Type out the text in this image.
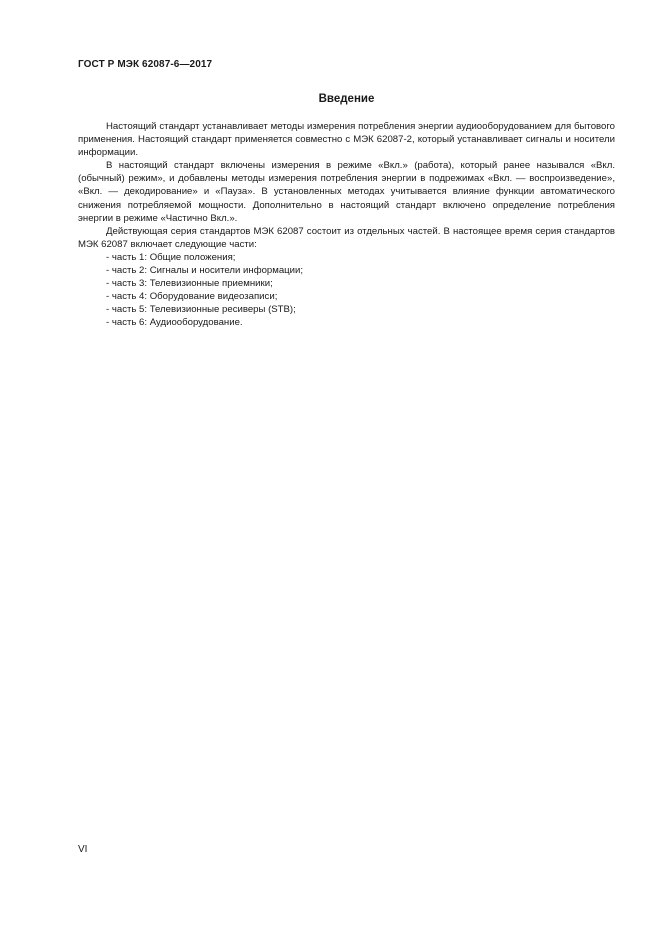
ГОСТ Р МЭК 62087-6—2017
Введение

Настоящий стандарт устанавливает методы измерения потребления энергии аудиооборудованием для бытового применения. Настоящий стандарт применяется совместно с МЭК 62087-2, который устанавливает сигналы и носители информации.

В настоящий стандарт включены измерения в режиме «Вкл.» (работа), который ранее назывался «Вкл.(обычный) режим», и добавлены методы измерения потребления энергии в подрежимах «Вкл. — воспроизведение», «Вкл. — декодирование» и «Пауза». В установленных методах учитывается влияние функции автоматического снижения потребляемой мощности. Дополнительно в настоящий стандарт включено определение потребления энергии в режиме «Частично Вкл.».

Действующая серия стандартов МЭК 62087 состоит из отдельных частей. В настоящее время серия стандартов МЭК 62087 включает следующие части:

- часть 1: Общие положения;
- часть 2: Сигналы и носители информации;
- часть 3: Телевизионные приемники;
- часть 4: Оборудование видеозаписи;
- часть 5: Телевизионные ресиверы (STB);
- часть 6: Аудиооборудование.
VI
